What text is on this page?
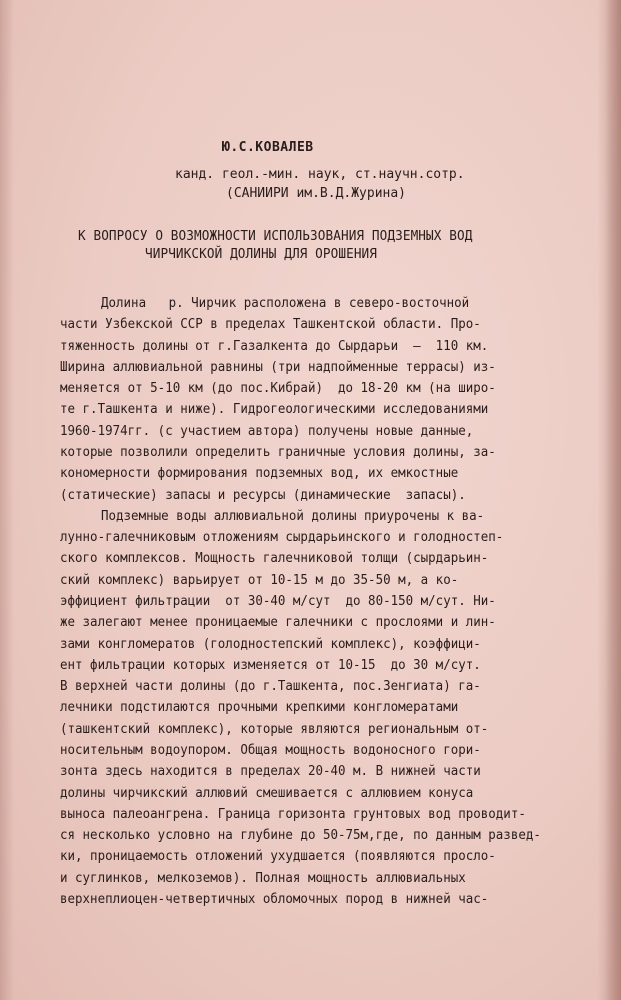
Ю.С.КОВАЛЕВ
канд. геол.-мин. наук, ст.научн.сотр.
(САНИИРИ им.В.Д.Журина)
К ВОПРОСУ О ВОЗМОЖНОСТИ ИСПОЛЬЗОВАНИЯ ПОДЗЕМНЫХ ВОД
ЧИРЧИКСКОЙ ДОЛИНЫ ДЛЯ ОРОШЕНИЯ
Долина   р. Чирчик расположена в северо-восточной
части Узбекской ССР в пределах Ташкентской области. Про-
тяженность долины от г.Газалкента до Сырдарьи  –  110 км.
Ширина аллювиальной равнины (три надпойменные террасы) из-
меняется от 5-10 км (до пос.Кибрай)  до 18-20 км (на широ-
те г.Ташкента и ниже). Гидрогеологическими исследованиями
1960-1974гг. (с участием автора) получены новые данные,
которые позволили определить граничные условия долины, за-
кономерности формирования подземных вод, их емкостные
(статические) запасы и ресурсы (динамические  запасы).
Подземные воды аллювиальной долины приурочены к ва-
лунно-галечниковым отложениям сырдарьинского и голодностеп-
ского комплексов. Мощность галечниковой толщи (сырдарьин-
ский комплекс) варьирует от 10-15 м до 35-50 м, а ко-
эффициент фильтрации  от 30-40 м/сут  до 80-150 м/сут. Ни-
же залегают менее проницаемые галечники с прослоями и лин-
зами конгломератов (голодностепский комплекс), коэффици-
ент фильтрации которых изменяется от 10-15  до 30 м/сут.
В верхней части долины (до г.Ташкента, пос.Зенгиата) га-
лечники подстилаются прочными крепкими конгломератами
(ташкентский комплекс), которые являются региональным от-
носительным водоупором. Общая мощность водоносного гори-
зонта здесь находится в пределах 20-40 м. В нижней части
долины чирчикский аллювий смешивается с аллювием конуса
выноса палеоангрена. Граница горизонта грунтовых вод проводит-
ся несколько условно на глубине до 50-75м,где, по данным развед-
ки, проницаемость отложений ухудшается (появляются просло-
и суглинков, мелкоземов). Полная мощность аллювиальных
верхнеплиоцен-четвертичных обломочных пород в нижней час-
